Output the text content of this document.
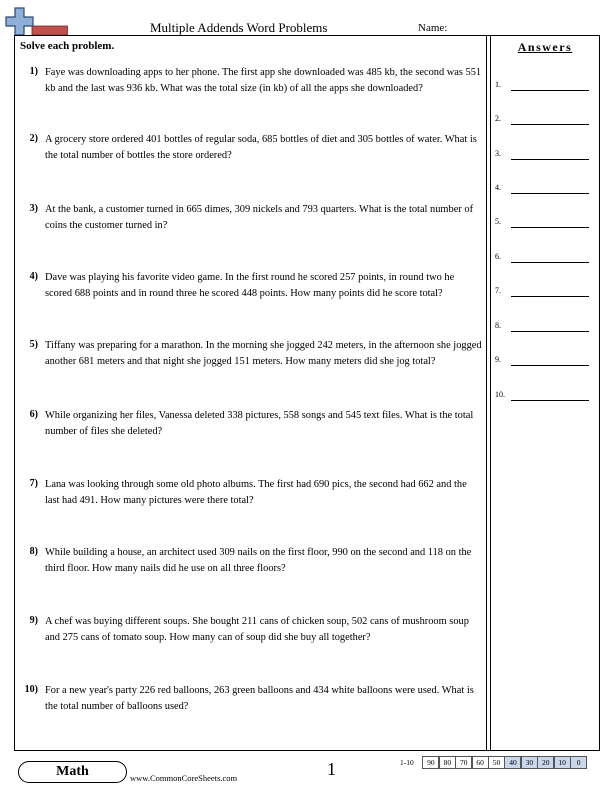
Multiple Addends Word Problems	Name:
Solve each problem.	Answers
1) Faye was downloading apps to her phone. The first app she downloaded was 485 kb, the second was 551 kb and the last was 936 kb. What was the total size (in kb) of all the apps she downloaded?
2) A grocery store ordered 401 bottles of regular soda, 685 bottles of diet and 305 bottles of water. What is the total number of bottles the store ordered?
3) At the bank, a customer turned in 665 dimes, 309 nickels and 793 quarters. What is the total number of coins the customer turned in?
4) Dave was playing his favorite video game. In the first round he scored 257 points, in round two he scored 688 points and in round three he scored 448 points. How many points did he score total?
5) Tiffany was preparing for a marathon. In the morning she jogged 242 meters, in the afternoon she jogged another 681 meters and that night she jogged 151 meters. How many meters did she jog total?
6) While organizing her files, Vanessa deleted 338 pictures, 558 songs and 545 text files. What is the total number of files she deleted?
7) Lana was looking through some old photo albums. The first had 690 pics, the second had 662 and the last had 491. How many pictures were there total?
8) While building a house, an architect used 309 nails on the first floor, 990 on the second and 118 on the third floor. How many nails did he use on all three floors?
9) A chef was buying different soups. She bought 211 cans of chicken soup, 502 cans of mushroom soup and 275 cans of tomato soup. How many can of soup did she buy all together?
10) For a new year's party 226 red balloons, 263 green balloons and 434 white balloons were used. What is the total number of balloons used?
1.
2.
3.
4.
5.
6.
7.
8.
9.
10.
Math	www.CommonCoreSheets.com	1	1-10	90	80	70	60	50	40	30	20	10	0
